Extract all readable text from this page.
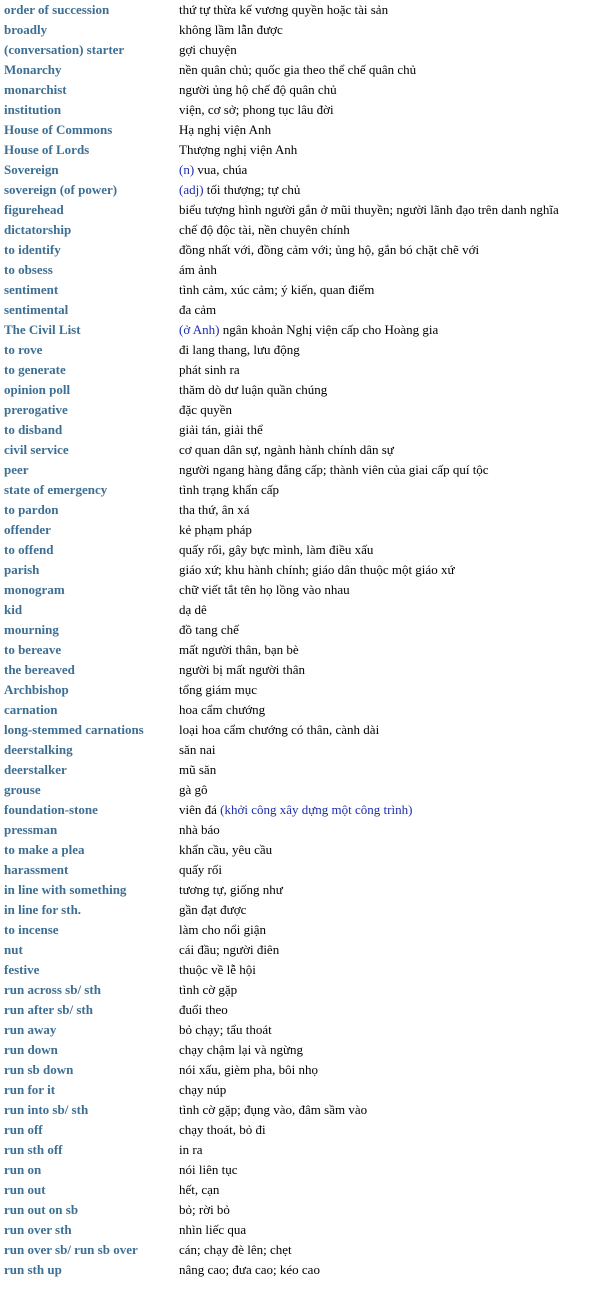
order of succession	thứ tự thừa kế vương quyền hoặc tài sản
broadly	không lầm lẫn được
(conversation) starter	gợi chuyện
Monarchy	nền quân chủ; quốc gia theo thể chế quân chủ
monarchist	người ủng hộ chế độ quân chủ
institution	viện, cơ sở; phong tục lâu đời
House of Commons	Hạ nghị viện Anh
House of Lords	Thượng nghị viện Anh
Sovereign	(n) vua, chúa
sovereign (of power)	(adj) tối thượng; tự chủ
figurehead	biểu tượng hình người gắn ở mũi thuyền; người lãnh đạo trên danh nghĩa
dictatorship	chế độ độc tài, nền chuyên chính
to identify	đồng nhất với, đồng cảm với; ủng hộ, gắn bó chặt chẽ với
to obsess	ám ảnh
sentiment	tình cảm, xúc cảm; ý kiến, quan điểm
sentimental	đa cảm
The Civil List	(ở Anh) ngân khoản Nghị viện cấp cho Hoàng gia
to rove	đi lang thang, lưu động
to generate	phát sinh ra
opinion poll	thăm dò dư luận quần chúng
prerogative	đặc quyền
to disband	giải tán, giải thể
civil service	cơ quan dân sự, ngành hành chính dân sự
peer	người ngang hàng đẳng cấp; thành viên của giai cấp quí tộc
state of emergency	tình trạng khẩn cấp
to pardon	tha thứ, ân xá
offender	kẻ phạm pháp
to offend	quấy rối, gây bực mình, làm điều xấu
parish	giáo xứ; khu hành chính; giáo dân thuộc một giáo xứ
monogram	chữ viết tắt tên họ lồng vào nhau
kid	dạ dê
mourning	đồ tang chế
to bereave	mất người thân, bạn bè
the bereaved	người bị mất người thân
Archbishop	tổng giám mục
carnation	hoa cẩm chướng
long-stemmed carnations	loại hoa cẩm chướng có thân, cành dài
deerstalking	săn nai
deerstalker	mũ săn
grouse	gà gô
foundation-stone	viên đá (khởi công xây dựng một công trình)
pressman	nhà báo
to make a plea	khẩn cầu, yêu cầu
harassment	quấy rối
in line with something	tương tự, giống như
in line for sth.	gần đạt được
to incense	làm cho nổi giận
nut	cái đầu; người điên
festive	thuộc về lễ hội
run across sb/ sth	tình cờ gặp
run after sb/ sth	đuổi theo
run away	bỏ chạy; tẩu thoát
run down	chạy chậm lại và ngừng
run sb down	nói xấu, gièm pha, bôi nhọ
run for it	chạy núp
run into sb/ sth	tình cờ gặp; đụng vào, đâm sầm vào
run off	chạy thoát, bỏ đi
run sth off	in ra
run on	nói liên tục
run out	hết, cạn
run out on sb	bỏ; rời bỏ
run over sth	nhìn liếc qua
run over sb/ run sb over	cán; chạy đè lên; chẹt
run sth up	nâng cao; đưa cao; kéo cao
